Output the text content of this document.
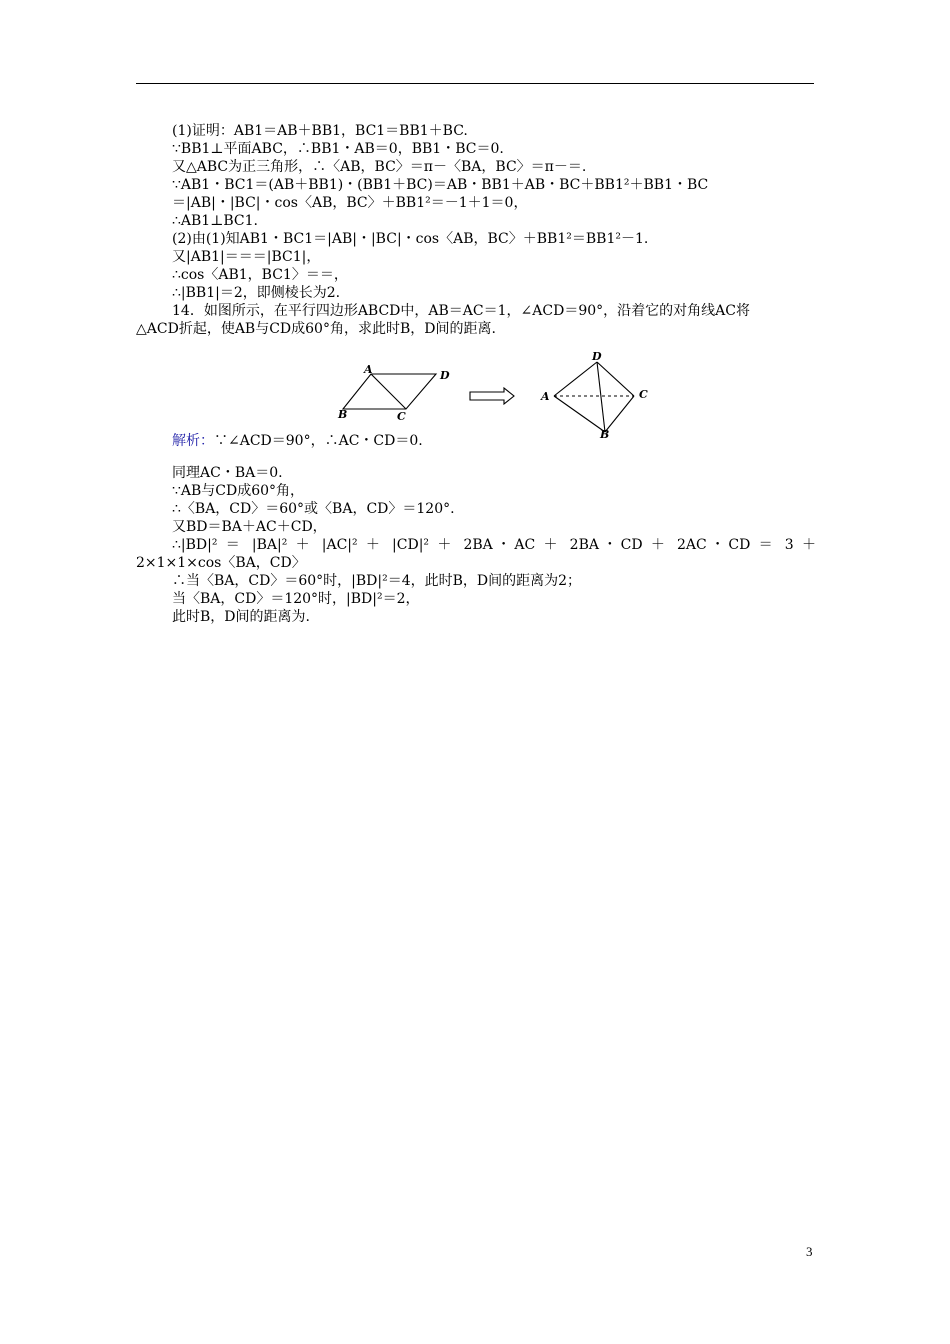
(1)证明：AB1＝AB＋BB1，BC1＝BB1＋BC.
∵BB1⊥平面ABC，∴BB1・AB＝0，BB1・BC＝0.
又△ABC为正三角形，∴〈AB，BC〉＝π－〈BA，BC〉＝π－＝.
∵AB1・BC1＝(AB＋BB1)・(BB1＋BC)＝AB・BB1＋AB・BC＋BB1²＋BB1・BC
＝|AB|・|BC|・cos〈AB，BC〉＋BB1²＝－1＋1＝0，
∴AB1⊥BC1.
(2)由(1)知AB1・BC1＝|AB|・|BC|・cos〈AB，BC〉＋BB1²＝BB1²－1.
又|AB1|＝＝＝|BC1|，
∴cos〈AB1，BC1〉＝＝，
∴|BB1|＝2，即侧棱长为2.
14．如图所示，在平行四边形ABCD中，AB＝AC＝1，∠ACD＝90°，沿着它的对角线AC将
△ACD折起，使AB与CD成60°角，求此时B，D间的距离.
A	D
B	C
D
A	C
B
解析：∵∠ACD＝90°，∴AC・CD＝0.
同理AC・BA＝0.
∵AB与CD成60°角，
∴〈BA，CD〉＝60°或〈BA，CD〉＝120°.
又BD＝BA＋AC＋CD，
∴|BD|² ＝ |BA|² ＋ |AC|² ＋ |CD|² ＋ 2BA・AC ＋ 2BA・CD ＋ 2AC・CD ＝ 3 ＋
2×1×1×cos〈BA，CD〉
∴当〈BA，CD〉＝60°时，|BD|²＝4，此时B，D间的距离为2；
当〈BA，CD〉＝120°时，|BD|²＝2，
此时B，D间的距离为.
3
